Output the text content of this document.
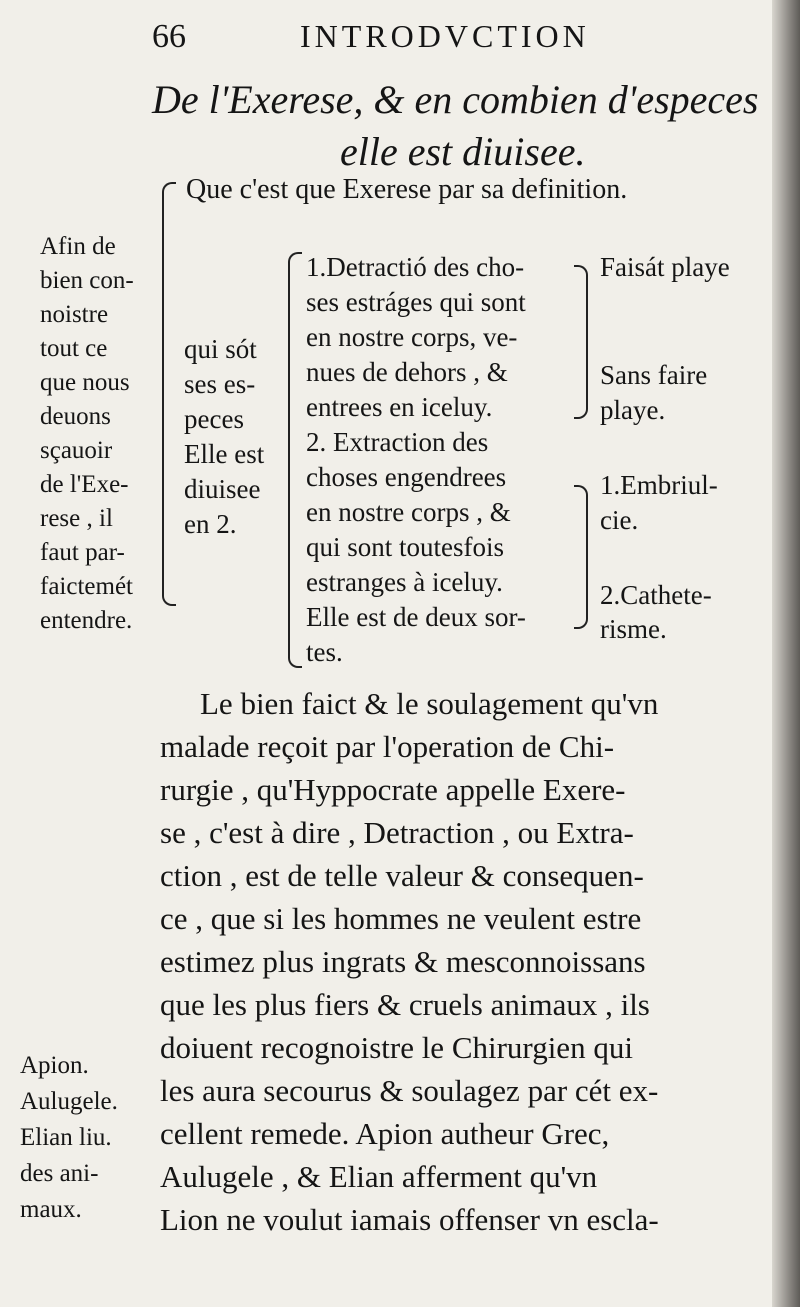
66	INTRODVCTION
De l'Exerese, & en combien d'especes
elle est diuisee.
Afin de
bien con-
noistre
tout ce
que nous
deuons
sçauoir
de l'Exe-
rese , il
faut par-
faictemét
entendre.
Que c'est que Exerese par sa definition.
qui sót
ses es-
peces
Elle est
diuisee
en 2.
1.Detractió des cho-
ses estráges qui sont
en nostre corps, ve-
nues de dehors , &
entrees en iceluy.
2. Extraction des
choses engendrees
en nostre corps , &
qui sont toutesfois
estranges à iceluy.
Elle est de deux sor-
tes.
Faisát playe
Sans faire
playe.
1.Embriul-
cie.
2.Cathete-
risme.
Le bien faict & le soulagement qu'vn
malade reçoit par l'operation de Chi-
rurgie , qu'Hyppocrate appelle Exere-
se , c'est à dire , Detraction , ou Extra-
ction , est de telle valeur & consequen-
ce , que si les hommes ne veulent estre
estimez plus ingrats & mesconnoissans
que les plus fiers & cruels animaux , ils
doiuent recognoistre le Chirurgien qui
les aura secourus & soulagez par cét ex-
cellent remede. Apion autheur Grec,
Aulugele , & Elian afferment qu'vn
Lion ne voulut iamais offenser vn escla-
Apion.
Aulugele.
Elian liu.
des ani-
maux.
